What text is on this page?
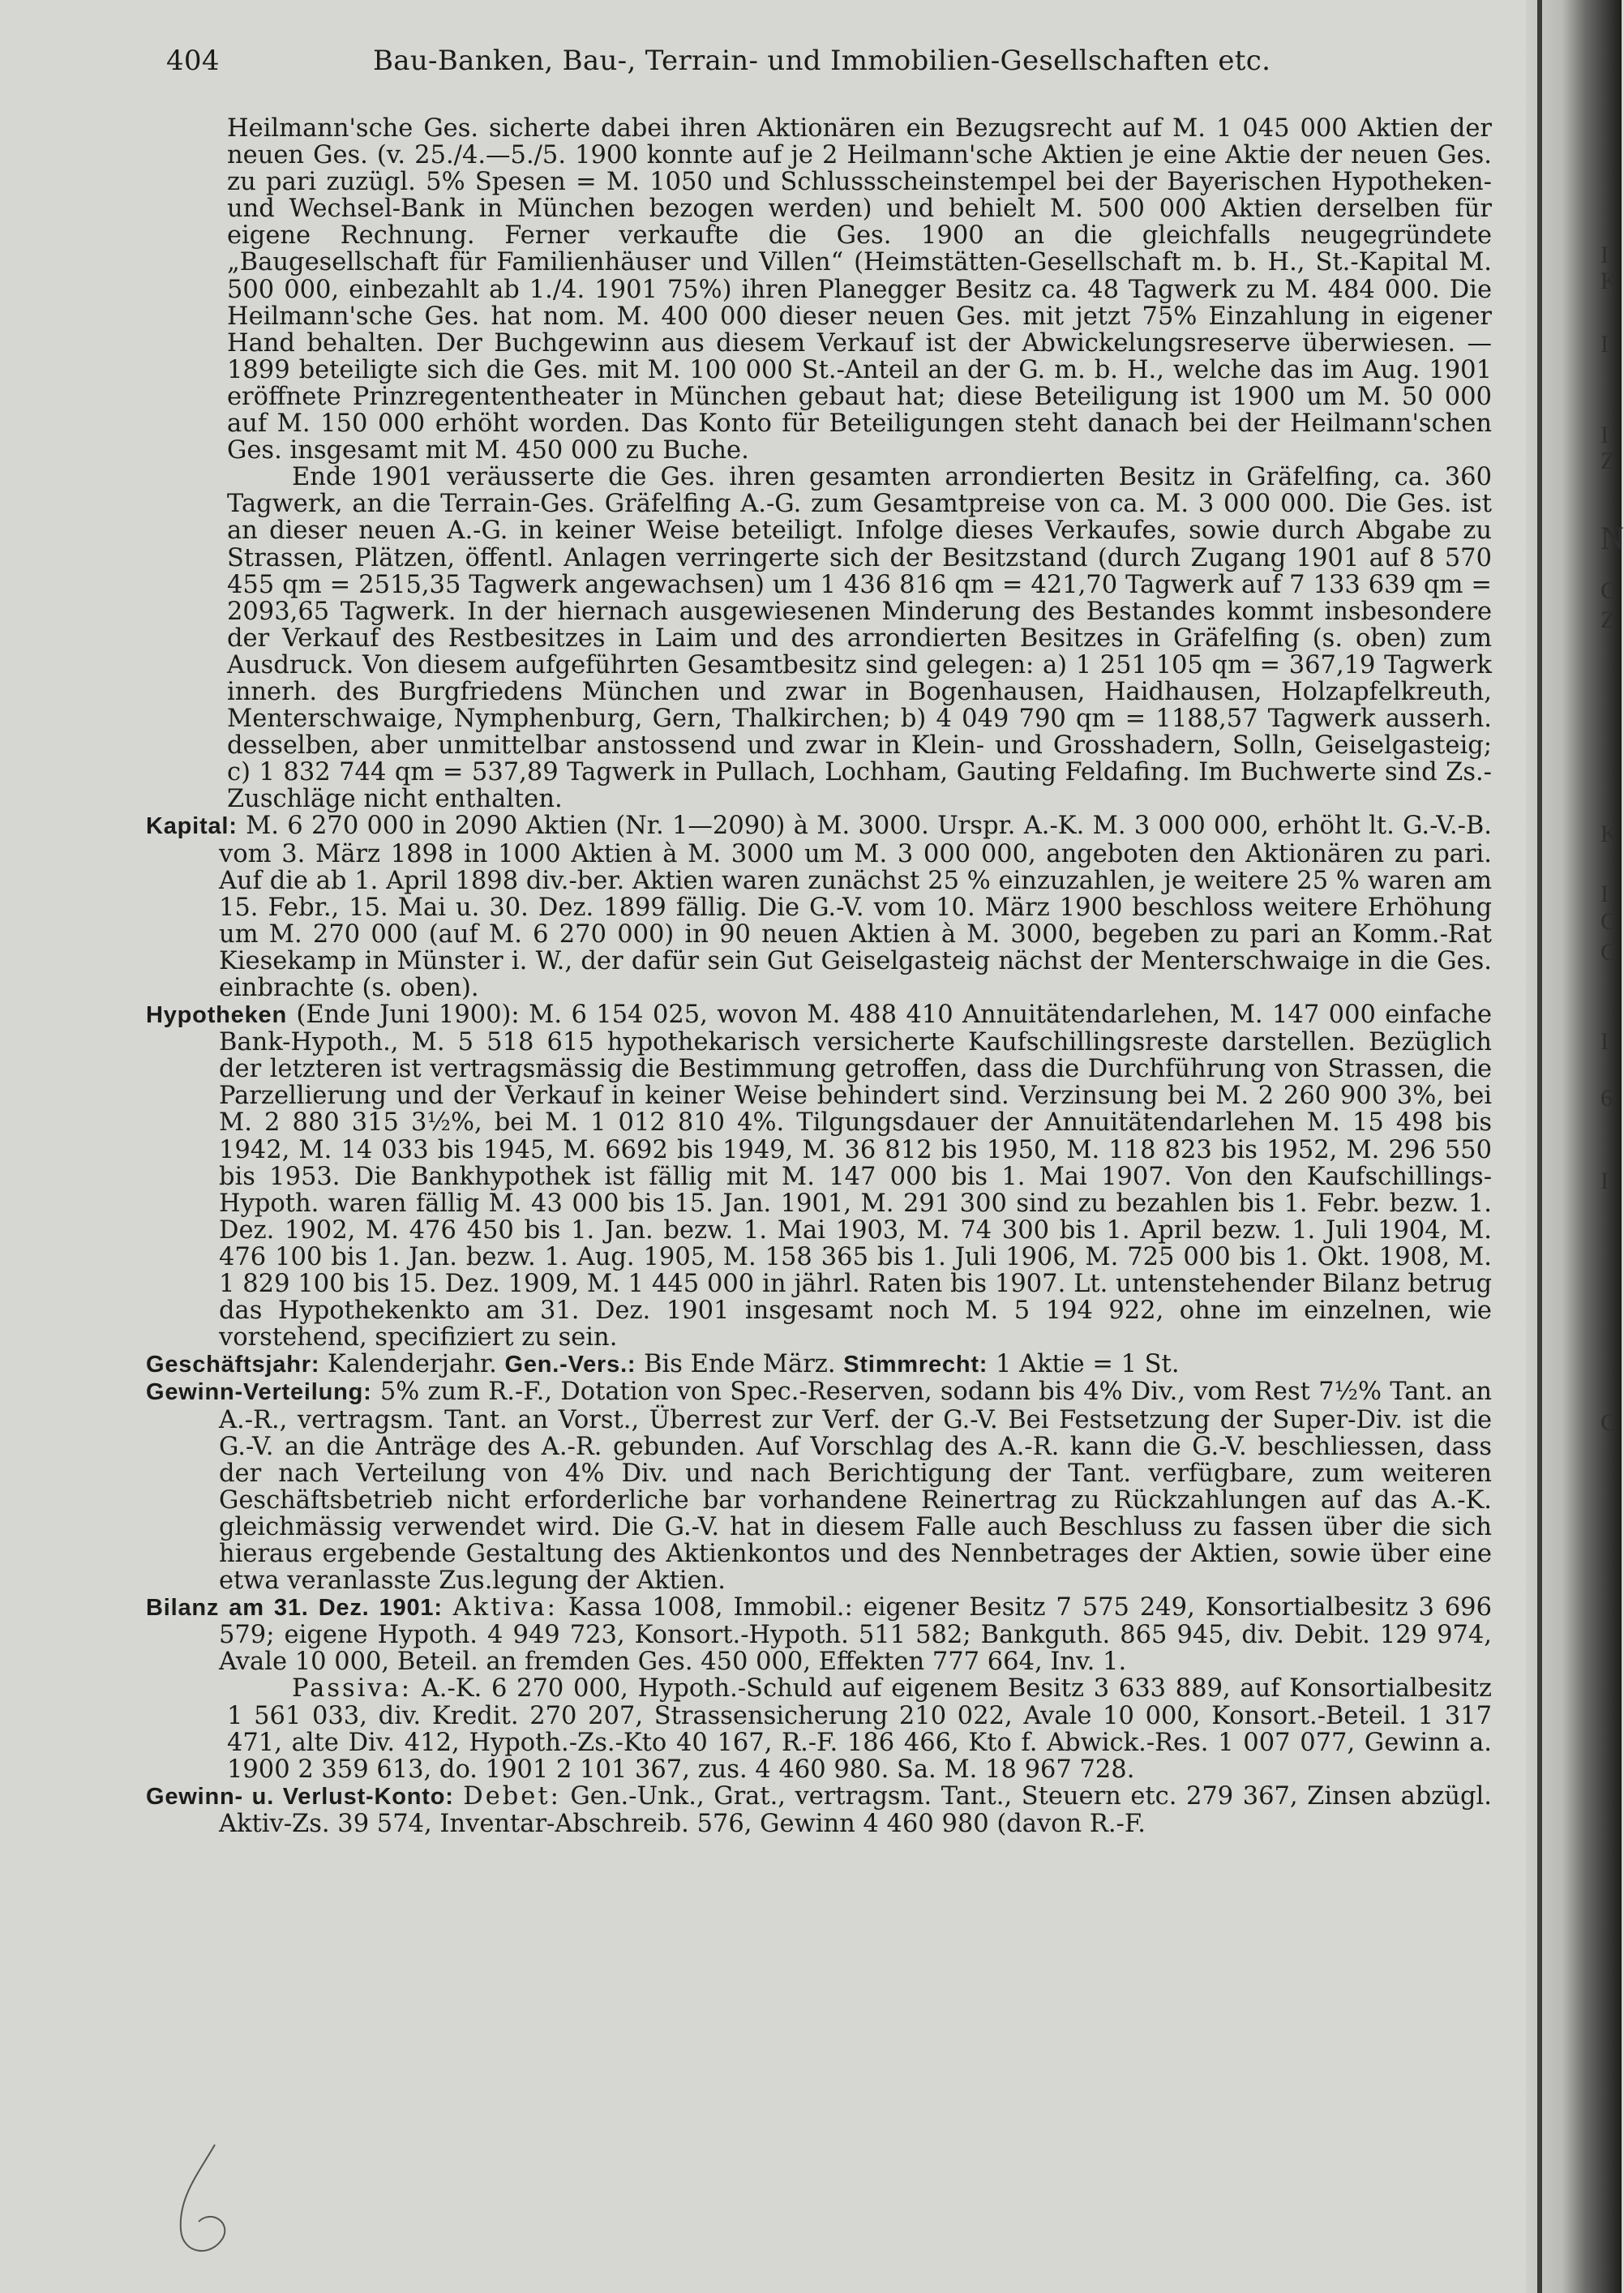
I
K
I
I
Z
N
C
Z
K
I
C
C
I
6
I
C
404	Bau-Banken, Bau-, Terrain- und Immobilien-Gesellschaften etc.

Heilmann'sche Ges. sicherte dabei ihren Aktionären ein Bezugsrecht auf M. 1 045 000 Aktien der neuen Ges. (v. 25./4.—5./5. 1900 konnte auf je 2 Heilmann'sche Aktien je eine Aktie der neuen Ges. zu pari zuzügl. 5% Spesen = M. 1050 und Schlussscheinstempel bei der Bayerischen Hypotheken- und Wechsel-Bank in München bezogen werden) und behielt M. 500 000 Aktien derselben für eigene Rechnung. Ferner verkaufte die Ges. 1900 an die gleichfalls neugegründete „Baugesellschaft für Familienhäuser und Villen“ (Heimstätten-Gesellschaft m. b. H., St.-Kapital M. 500 000, einbezahlt ab 1./4. 1901 75%) ihren Planegger Besitz ca. 48 Tagwerk zu M. 484 000. Die Heilmann'sche Ges. hat nom. M. 400 000 dieser neuen Ges. mit jetzt 75% Einzahlung in eigener Hand behalten. Der Buchgewinn aus diesem Verkauf ist der Abwickelungsreserve überwiesen. — 1899 beteiligte sich die Ges. mit M. 100 000 St.-Anteil an der G. m. b. H., welche das im Aug. 1901 eröffnete Prinzregententheater in München gebaut hat; diese Beteiligung ist 1900 um M. 50 000 auf M. 150 000 erhöht worden. Das Konto für Beteiligungen steht danach bei der Heilmann'schen Ges. insgesamt mit M. 450 000 zu Buche.

Ende 1901 veräusserte die Ges. ihren gesamten arrondierten Besitz in Gräfelfing, ca. 360 Tagwerk, an die Terrain-Ges. Gräfelfing A.-G. zum Gesamtpreise von ca. M. 3 000 000. Die Ges. ist an dieser neuen A.-G. in keiner Weise beteiligt. Infolge dieses Verkaufes, sowie durch Abgabe zu Strassen, Plätzen, öffentl. Anlagen verringerte sich der Besitzstand (durch Zugang 1901 auf 8 570 455 qm = 2515,35 Tagwerk angewachsen) um 1 436 816 qm = 421,70 Tagwerk auf 7 133 639 qm = 2093,65 Tagwerk. In der hiernach ausgewiesenen Minderung des Bestandes kommt insbesondere der Verkauf des Restbesitzes in Laim und des arrondierten Besitzes in Gräfelfing (s. oben) zum Ausdruck. Von diesem aufgeführten Gesamtbesitz sind gelegen: a) 1 251 105 qm = 367,19 Tagwerk innerh. des Burgfriedens München und zwar in Bogenhausen, Haidhausen, Holzapfelkreuth, Menterschwaige, Nymphenburg, Gern, Thalkirchen; b) 4 049 790 qm = 1188,57 Tagwerk ausserh. desselben, aber unmittelbar anstossend und zwar in Klein- und Grosshadern, Solln, Geiselgasteig; c) 1 832 744 qm = 537,89 Tagwerk in Pullach, Lochham, Gauting Feldafing. Im Buchwerte sind Zs.-Zuschläge nicht enthalten.

Kapital: M. 6 270 000 in 2090 Aktien (Nr. 1—2090) à M. 3000. Urspr. A.-K. M. 3 000 000, erhöht lt. G.-V.-B. vom 3. März 1898 in 1000 Aktien à M. 3000 um M. 3 000 000, angeboten den Aktionären zu pari. Auf die ab 1. April 1898 div.-ber. Aktien waren zunächst 25 % einzuzahlen, je weitere 25 % waren am 15. Febr., 15. Mai u. 30. Dez. 1899 fällig. Die G.-V. vom 10. März 1900 beschloss weitere Erhöhung um M. 270 000 (auf M. 6 270 000) in 90 neuen Aktien à M. 3000, begeben zu pari an Komm.-Rat Kiesekamp in Münster i. W., der dafür sein Gut Geiselgasteig nächst der Menterschwaige in die Ges. einbrachte (s. oben).

Hypotheken (Ende Juni 1900): M. 6 154 025, wovon M. 488 410 Annuitätendarlehen, M. 147 000 einfache Bank-Hypoth., M. 5 518 615 hypothekarisch versicherte Kaufschillingsreste darstellen. Bezüglich der letzteren ist vertragsmässig die Bestimmung getroffen, dass die Durchführung von Strassen, die Parzellierung und der Verkauf in keiner Weise behindert sind. Verzinsung bei M. 2 260 900 3%, bei M. 2 880 315 3½%, bei M. 1 012 810 4%. Tilgungsdauer der Annuitätendarlehen M. 15 498 bis 1942, M. 14 033 bis 1945, M. 6692 bis 1949, M. 36 812 bis 1950, M. 118 823 bis 1952, M. 296 550 bis 1953. Die Bankhypothek ist fällig mit M. 147 000 bis 1. Mai 1907. Von den Kaufschillings-Hypoth. waren fällig M. 43 000 bis 15. Jan. 1901, M. 291 300 sind zu bezahlen bis 1. Febr. bezw. 1. Dez. 1902, M. 476 450 bis 1. Jan. bezw. 1. Mai 1903, M. 74 300 bis 1. April bezw. 1. Juli 1904, M. 476 100 bis 1. Jan. bezw. 1. Aug. 1905, M. 158 365 bis 1. Juli 1906, M. 725 000 bis 1. Okt. 1908, M. 1 829 100 bis 15. Dez. 1909, M. 1 445 000 in jährl. Raten bis 1907. Lt. untenstehender Bilanz betrug das Hypothekenkto am 31. Dez. 1901 insgesamt noch M. 5 194 922, ohne im einzelnen, wie vorstehend, specifiziert zu sein.

Geschäftsjahr: Kalenderjahr. Gen.-Vers.: Bis Ende März. Stimmrecht: 1 Aktie = 1 St.

Gewinn-Verteilung: 5% zum R.-F., Dotation von Spec.-Reserven, sodann bis 4% Div., vom Rest 7½% Tant. an A.-R., vertragsm. Tant. an Vorst., Überrest zur Verf. der G.-V. Bei Festsetzung der Super-Div. ist die G.-V. an die Anträge des A.-R. gebunden. Auf Vorschlag des A.-R. kann die G.-V. beschliessen, dass der nach Verteilung von 4% Div. und nach Berichtigung der Tant. verfügbare, zum weiteren Geschäftsbetrieb nicht erforderliche bar vorhandene Reinertrag zu Rückzahlungen auf das A.-K. gleichmässig verwendet wird. Die G.-V. hat in diesem Falle auch Beschluss zu fassen über die sich hieraus ergebende Gestaltung des Aktienkontos und des Nennbetrages der Aktien, sowie über eine etwa veranlasste Zus.legung der Aktien.

Bilanz am 31. Dez. 1901: Aktiva: Kassa 1008, Immobil.: eigener Besitz 7 575 249, Konsortialbesitz 3 696 579; eigene Hypoth. 4 949 723, Konsort.-Hypoth. 511 582; Bankguth. 865 945, div. Debit. 129 974, Avale 10 000, Beteil. an fremden Ges. 450 000, Effekten 777 664, Inv. 1.

Passiva: A.-K. 6 270 000, Hypoth.-Schuld auf eigenem Besitz 3 633 889, auf Konsortialbesitz 1 561 033, div. Kredit. 270 207, Strassensicherung 210 022, Avale 10 000, Konsort.-Beteil. 1 317 471, alte Div. 412, Hypoth.-Zs.-Kto 40 167, R.-F. 186 466, Kto f. Abwick.-Res. 1 007 077, Gewinn a. 1900 2 359 613, do. 1901 2 101 367, zus. 4 460 980. Sa. M. 18 967 728.

Gewinn- u. Verlust-Konto: Debet: Gen.-Unk., Grat., vertragsm. Tant., Steuern etc. 279 367, Zinsen abzügl. Aktiv-Zs. 39 574, Inventar-Abschreib. 576, Gewinn 4 460 980 (davon R.-F.
